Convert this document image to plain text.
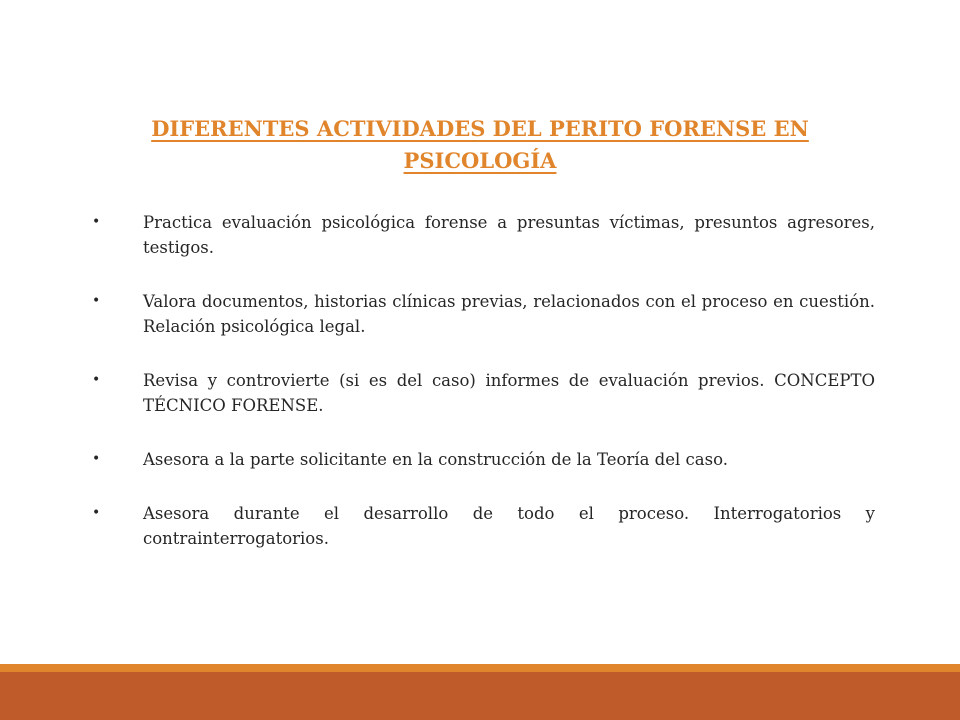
DIFERENTES ACTIVIDADES DEL PERITO FORENSE EN PSICOLOGÍA
•	Practica evaluación psicológica forense a presuntas víctimas, presuntos agresores, testigos.
•	Valora documentos, historias clínicas previas, relacionados con el proceso en cuestión. Relación psicológica legal.
•	Revisa y controvierte (si es del caso) informes de evaluación previos. CONCEPTO TÉCNICO FORENSE.
•	Asesora a la parte solicitante en la construcción de la Teoría del caso.
•	Asesora durante el desarrollo de todo el proceso. Interrogatorios y contrainterrogatorios.
